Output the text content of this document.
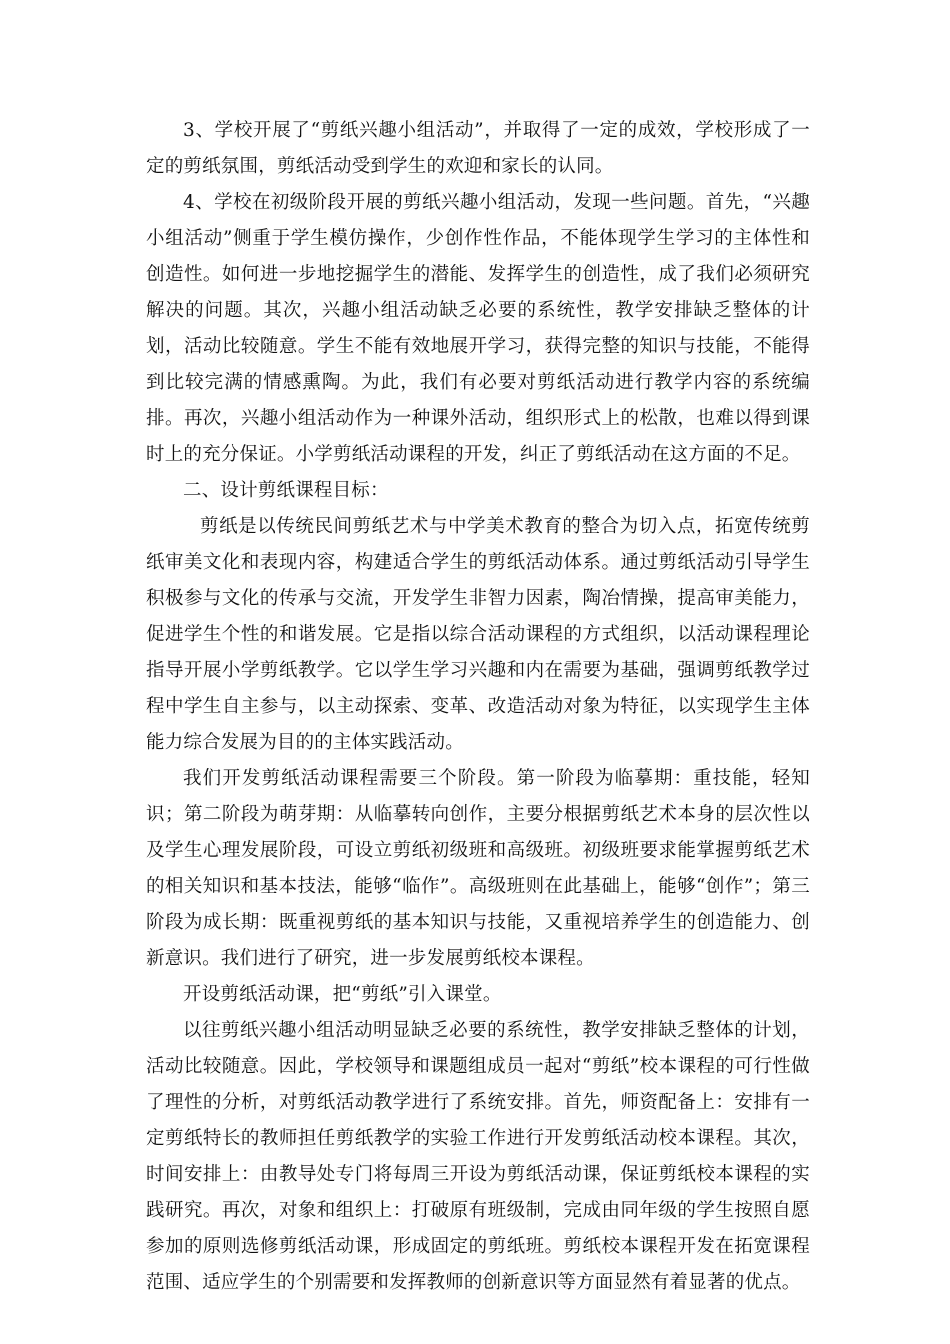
3、学校开展了“剪纸兴趣小组活动”，并取得了一定的成效，学校形成了一定的剪纸氛围，剪纸活动受到学生的欢迎和家长的认同。

4、学校在初级阶段开展的剪纸兴趣小组活动，发现一些问题。首先，“兴趣小组活动”侧重于学生模仿操作，少创作性作品，不能体现学生学习的主体性和创造性。如何进一步地挖掘学生的潜能、发挥学生的创造性，成了我们必须研究解决的问题。其次，兴趣小组活动缺乏必要的系统性，教学安排缺乏整体的计划，活动比较随意。学生不能有效地展开学习，获得完整的知识与技能，不能得到比较完满的情感熏陶。为此，我们有必要对剪纸活动进行教学内容的系统编排。再次，兴趣小组活动作为一种课外活动，组织形式上的松散，也难以得到课时上的充分保证。小学剪纸活动课程的开发，纠正了剪纸活动在这方面的不足。

二、设计剪纸课程目标：

剪纸是以传统民间剪纸艺术与中学美术教育的整合为切入点，拓宽传统剪纸审美文化和表现内容，构建适合学生的剪纸活动体系。通过剪纸活动引导学生积极参与文化的传承与交流，开发学生非智力因素，陶冶情操，提高审美能力，促进学生个性的和谐发展。它是指以综合活动课程的方式组织，以活动课程理论指导开展小学剪纸教学。它以学生学习兴趣和内在需要为基础，强调剪纸教学过程中学生自主参与，以主动探索、变革、改造活动对象为特征，以实现学生主体能力综合发展为目的的主体实践活动。

我们开发剪纸活动课程需要三个阶段。第一阶段为临摹期：重技能，轻知识；第二阶段为萌芽期：从临摹转向创作，主要分根据剪纸艺术本身的层次性以及学生心理发展阶段，可设立剪纸初级班和高级班。初级班要求能掌握剪纸艺术的相关知识和基本技法，能够“临作”。高级班则在此基础上，能够“创作”；第三阶段为成长期：既重视剪纸的基本知识与技能，又重视培养学生的创造能力、创新意识。我们进行了研究，进一步发展剪纸校本课程。

开设剪纸活动课，把“剪纸”引入课堂。

以往剪纸兴趣小组活动明显缺乏必要的系统性，教学安排缺乏整体的计划，活动比较随意。因此，学校领导和课题组成员一起对“剪纸”校本课程的可行性做了理性的分析，对剪纸活动教学进行了系统安排。首先，师资配备上：安排有一定剪纸特长的教师担任剪纸教学的实验工作进行开发剪纸活动校本课程。其次，时间安排上：由教导处专门将每周三开设为剪纸活动课，保证剪纸校本课程的实践研究。再次，对象和组织上：打破原有班级制，完成由同年级的学生按照自愿参加的原则选修剪纸活动课，形成固定的剪纸班。剪纸校本课程开发在拓宽课程范围、适应学生的个别需要和发挥教师的创新意识等方面显然有着显著的优点。
